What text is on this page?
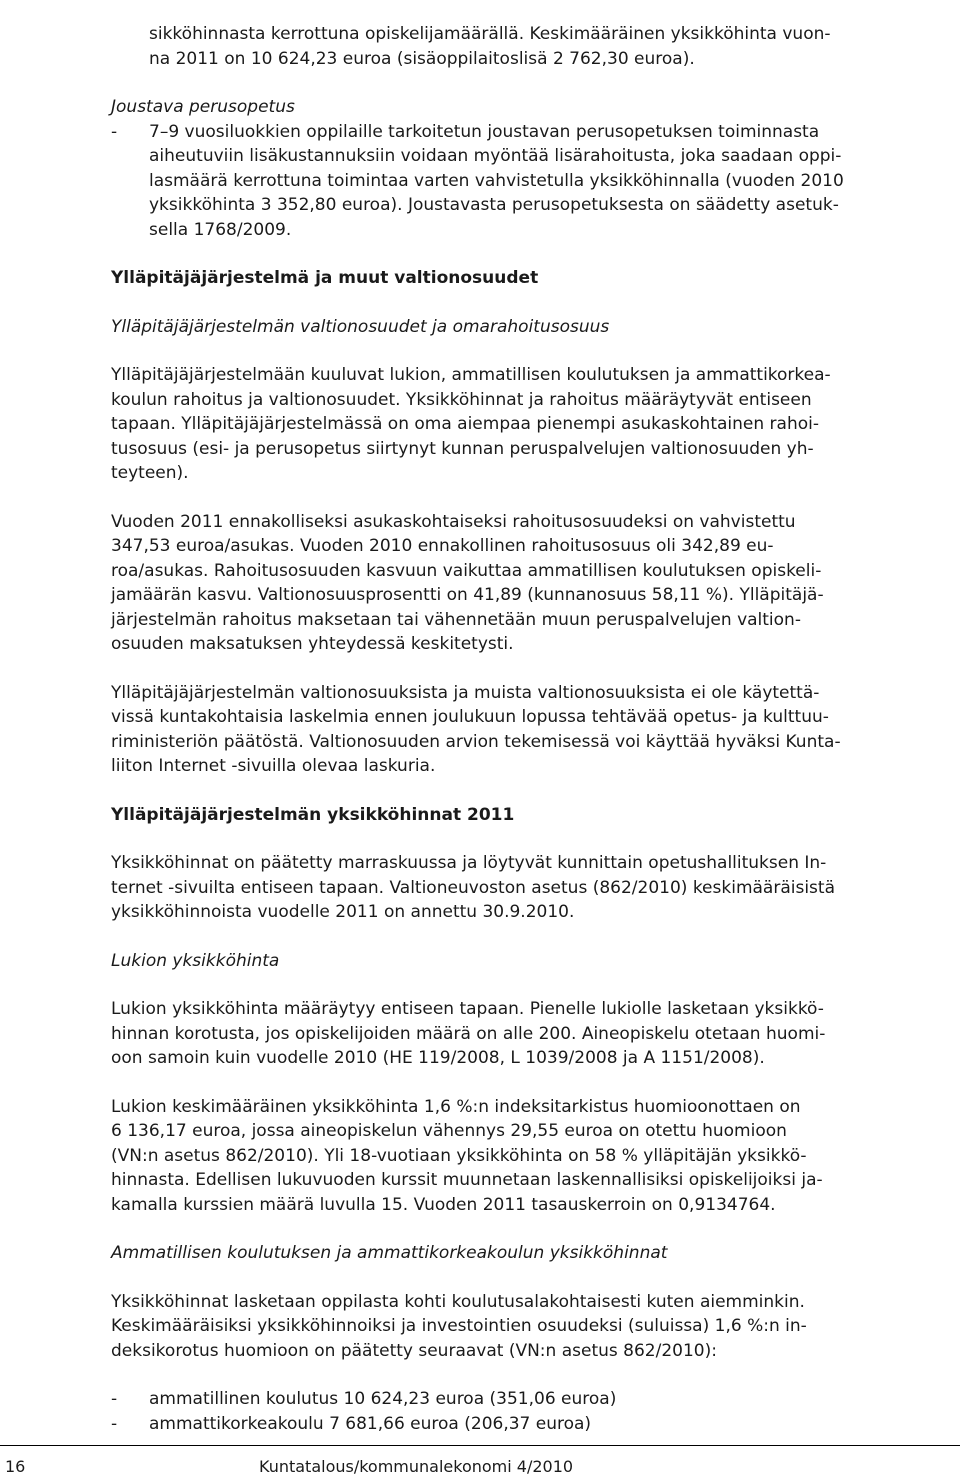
sikköhinnasta kerrottuna opiskelijamäärällä. Keskimääräinen yksikköhinta vuon-
na 2011 on 10 624,23 euroa (sisäoppilaitoslisä 2 762,30 euroa).
Joustava perusopetus
- 7–9 vuosiluokkien oppilaille tarkoitetun joustavan perusopetuksen toiminnasta
aiheutuviin lisäkustannuksiin voidaan myöntää lisärahoitusta, joka saadaan oppi-
lasmäärä kerrottuna toimintaa varten vahvistetulla yksikköhinnalla (vuoden 2010
yksikköhinta 3 352,80 euroa). Joustavasta perusopetuksesta on säädetty asetuk-
sella 1768/2009.
Ylläpitäjäjärjestelmä ja muut valtionosuudet
Ylläpitäjäjärjestelmän valtionosuudet ja omarahoitusosuus
Ylläpitäjäjärjestelmään kuuluvat lukion, ammatillisen koulutuksen ja ammattikorkea-
koulun rahoitus ja valtionosuudet. Yksikköhinnat ja rahoitus määräytyvät entiseen
tapaan. Ylläpitäjäjärjestelmässä on oma aiempaa pienempi asukaskohtainen rahoi-
tusosuus (esi- ja perusopetus siirtynyt kunnan peruspalvelujen valtionosuuden yh-
teyteen).
Vuoden 2011 ennakolliseksi asukaskohtaiseksi rahoitusosuudeksi on vahvistettu
347,53 euroa/asukas. Vuoden 2010 ennakollinen rahoitusosuus oli 342,89 eu-
roa/asukas. Rahoitusosuuden kasvuun vaikuttaa ammatillisen koulutuksen opiskeli-
jamäärän kasvu. Valtionosuusprosentti on 41,89 (kunnanosuus 58,11 %). Ylläpitäjä-
järjestelmän rahoitus maksetaan tai vähennetään muun peruspalvelujen valtion-
osuuden maksatuksen yhteydessä keskitetysti.
Ylläpitäjäjärjestelmän valtionosuuksista ja muista valtionosuuksista ei ole käytettä-
vissä kuntakohtaisia laskelmia ennen joulukuun lopussa tehtävää opetus- ja kulttuu-
riministeriön päätöstä. Valtionosuuden arvion tekemisessä voi käyttää hyväksi Kunta-
liiton Internet -sivuilla olevaa laskuria.
Ylläpitäjäjärjestelmän yksikköhinnat 2011
Yksikköhinnat on päätetty marraskuussa ja löytyvät kunnittain opetushallituksen In-
ternet -sivuilta entiseen tapaan. Valtioneuvoston asetus (862/2010) keskimääräisistä
yksikköhinnoista vuodelle 2011 on annettu 30.9.2010.
Lukion yksikköhinta
Lukion yksikköhinta määräytyy entiseen tapaan. Pienelle lukiolle lasketaan yksikkö-
hinnan korotusta, jos opiskelijoiden määrä on alle 200. Aineopiskelu otetaan huomi-
oon samoin kuin vuodelle 2010 (HE 119/2008, L 1039/2008 ja A 1151/2008).
Lukion keskimääräinen yksikköhinta 1,6 %:n indeksitarkistus huomioonottaen on
6 136,17 euroa, jossa aineopiskelun vähennys 29,55 euroa on otettu huomioon
(VN:n asetus 862/2010). Yli 18-vuotiaan yksikköhinta on 58 % ylläpitäjän yksikkö-
hinnasta. Edellisen lukuvuoden kurssit muunnetaan laskennallisiksi opiskelijoiksi ja-
kamalla kurssien määrä luvulla 15. Vuoden 2011 tasauskerroin on 0,9134764.
Ammatillisen koulutuksen ja ammattikorkeakoulun yksikköhinnat
Yksikköhinnat lasketaan oppilasta kohti koulutusalakohtaisesti kuten aiemminkin.
Keskimääräisiksi yksikköhinnoiksi ja investointien osuudeksi (suluissa) 1,6 %:n in-
deksikorotus huomioon on päätetty seuraavat (VN:n asetus 862/2010):
- ammatillinen koulutus 10 624,23 euroa (351,06 euroa)
- ammattikorkeakoulu 7 681,66 euroa (206,37 euroa)
16	Kuntatalous/kommunalekonomi 4/2010
